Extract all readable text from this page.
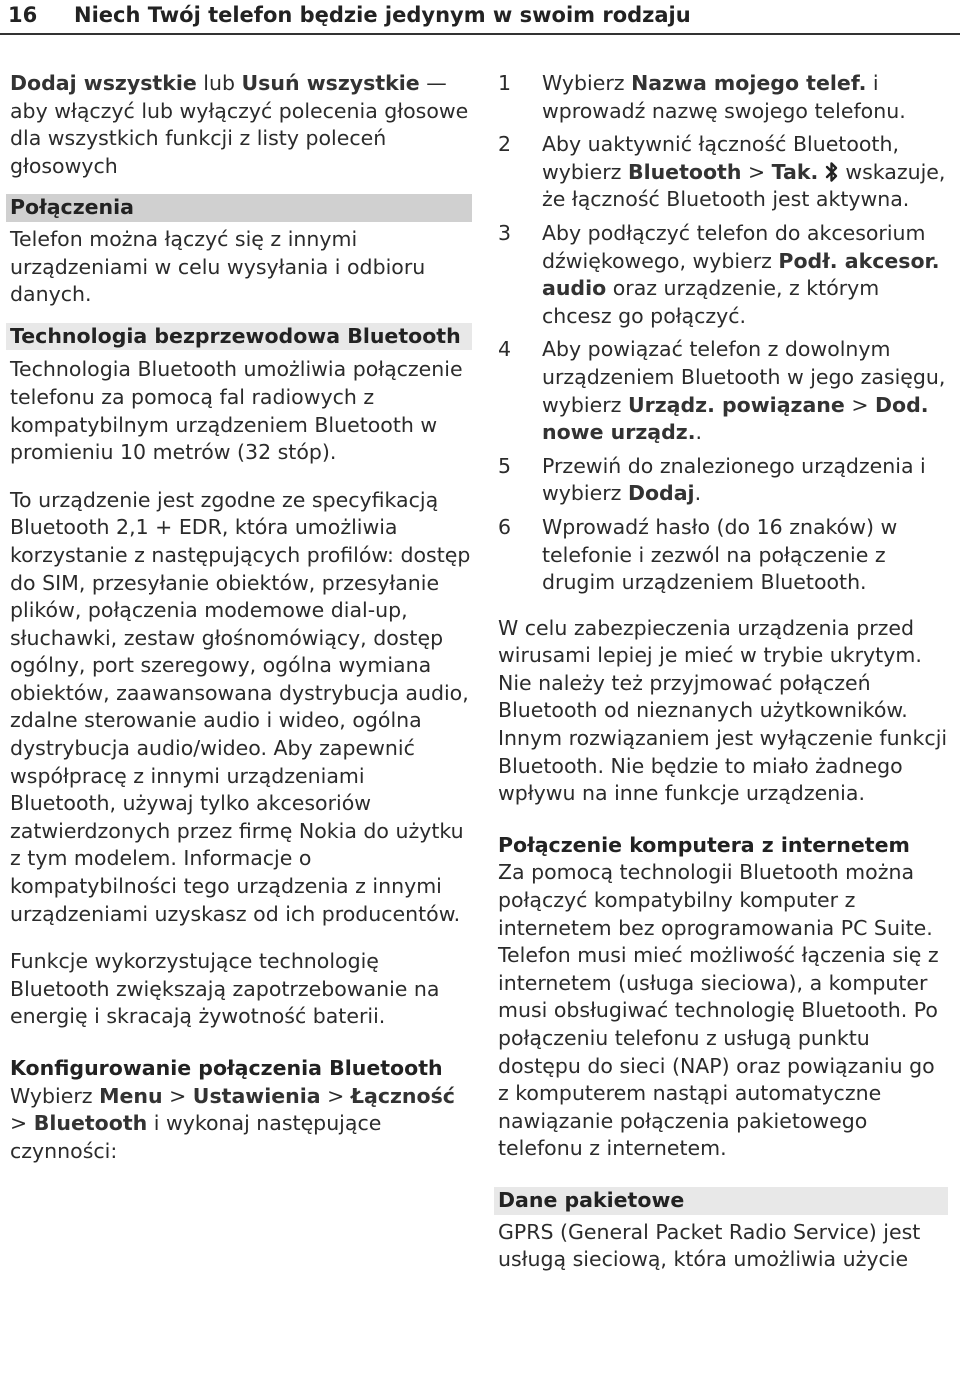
16 Niech Twój telefon będzie jedynym w swoim rodzaju

Dodaj wszystkie lub Usuń wszystkie — aby włączyć lub wyłączyć polecenia głosowe dla wszystkich funkcji z listy poleceń głosowych

Połączenia

Telefon można łączyć się z innymi urządzeniami w celu wysyłania i odbioru danych.

Technologia bezprzewodowa Bluetooth

Technologia Bluetooth umożliwia połączenie telefonu za pomocą fal radiowych z kompatybilnym urządzeniem Bluetooth w promieniu 10 metrów (32 stóp).

To urządzenie jest zgodne ze specyfikacją Bluetooth 2,1 + EDR, która umożliwia korzystanie z następujących profilów: dostęp do SIM, przesyłanie obiektów, przesyłanie plików, połączenia modemowe dial-up, słuchawki, zestaw głośnomówiący, dostęp ogólny, port szeregowy, ogólna wymiana obiektów, zaawansowana dystrybucja audio, zdalne sterowanie audio i wideo, ogólna dystrybucja audio/wideo. Aby zapewnić współpracę z innymi urządzeniami Bluetooth, używaj tylko akcesoriów zatwierdzonych przez firmę Nokia do użytku z tym modelem. Informacje o kompatybilności tego urządzenia z innymi urządzeniami uzyskasz od ich producentów.

Funkcje wykorzystujące technologię Bluetooth zwiększają zapotrzebowanie na energię i skracają żywotność baterii.

Konfigurowanie połączenia Bluetooth

Wybierz Menu > Ustawienia > Łączność > Bluetooth i wykonaj następujące czynności:

1 Wybierz Nazwa mojego telef. i wprowadź nazwę swojego telefonu.
2 Aby uaktywnić łączność Bluetooth, wybierz Bluetooth > Tak.  wskazuje, że łączność Bluetooth jest aktywna.
3 Aby podłączyć telefon do akcesorium dźwiękowego, wybierz Podł. akcesor. audio oraz urządzenie, z którym chcesz go połączyć.
4 Aby powiązać telefon z dowolnym urządzeniem Bluetooth w jego zasięgu, wybierz Urządz. powiązane > Dod. nowe urządz..
5 Przewiń do znalezionego urządzenia i wybierz Dodaj.
6 Wprowadź hasło (do 16 znaków) w telefonie i zezwól na połączenie z drugim urządzeniem Bluetooth.

W celu zabezpieczenia urządzenia przed wirusami lepiej je mieć w trybie ukrytym. Nie należy też przyjmować połączeń Bluetooth od nieznanych użytkowników. Innym rozwiązaniem jest wyłączenie funkcji Bluetooth. Nie będzie to miało żadnego wpływu na inne funkcje urządzenia.

Połączenie komputera z internetem

Za pomocą technologii Bluetooth można połączyć kompatybilny komputer z internetem bez oprogramowania PC Suite. Telefon musi mieć możliwość łączenia się z internetem (usługa sieciowa), a komputer musi obsługiwać technologię Bluetooth. Po połączeniu telefonu z usługą punktu dostępu do sieci (NAP) oraz powiązaniu go z komputerem nastąpi automatyczne nawiązanie połączenia pakietowego telefonu z internetem.

Dane pakietowe

GPRS (General Packet Radio Service) jest usługą sieciową, która umożliwia użycie
